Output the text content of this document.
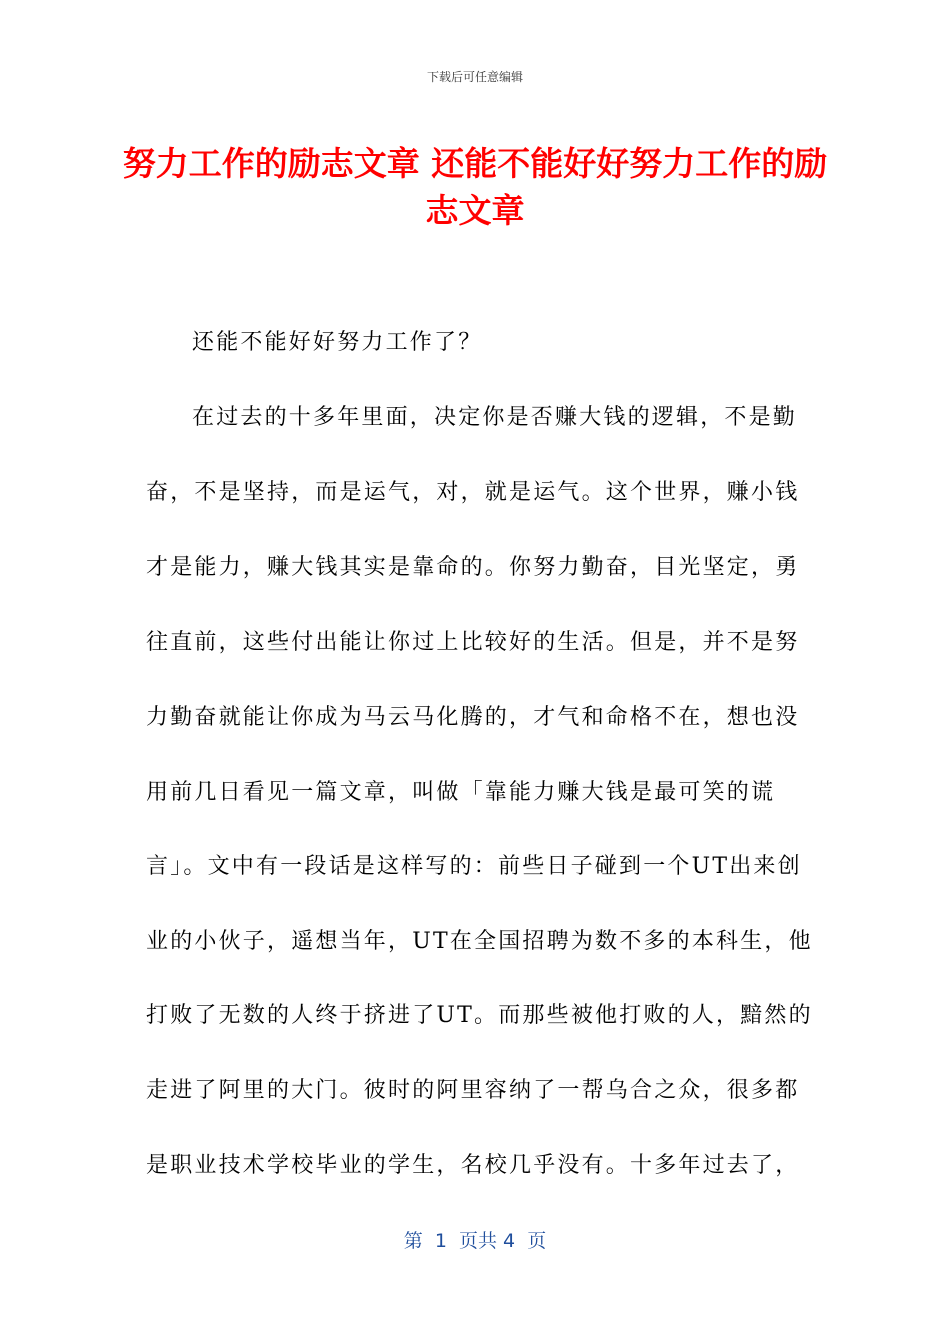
下载后可任意编辑
努力工作的励志文章 还能不能好好努力工作的励志文章
还能不能好好努力工作了？
在过去的十多年里面，决定你是否赚大钱的逻辑，不是勤
奋，不是坚持，而是运气，对，就是运气。这个世界，赚小钱
才是能力，赚大钱其实是靠命的。你努力勤奋，目光坚定，勇
往直前，这些付出能让你过上比较好的生活。但是，并不是努
力勤奋就能让你成为马云马化腾的，才气和命格不在，想也没
用前几日看见一篇文章，叫做「靠能力赚大钱是最可笑的谎
言」。文中有一段话是这样写的：前些日子碰到一个UT出来创
业的小伙子，遥想当年，UT在全国招聘为数不多的本科生，他
打败了无数的人终于挤进了UT。而那些被他打败的人，黯然的
走进了阿里的大门。彼时的阿里容纳了一帮乌合之众，很多都
是职业技术学校毕业的学生，名校几乎没有。十多年过去了，
第  1  页共 4  页
